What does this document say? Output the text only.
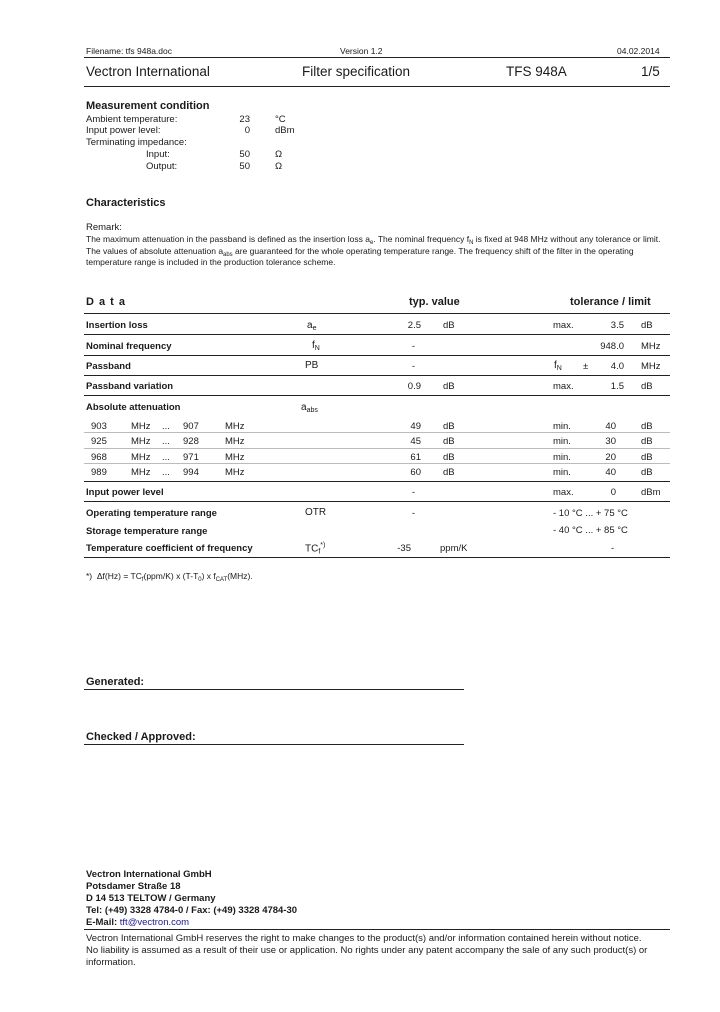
Filename: tfs 948a.doc	Version 1.2	04.02.2014
Vectron International	Filter specification	TFS 948A	1/5
Measurement condition
Ambient temperature:	23	°C
Input power level:	0	dBm
Terminating impedance:
Input:	50	Ω
Output:	50	Ω
Characteristics
Remark:
The maximum attenuation in the passband is defined as the insertion loss $a_e$. The nominal frequency $f_N$ is fixed at 948 MHz without any tolerance or limit.
The values of absolute attenuation $a_{abs}$ are guaranteed for the whole operating temperature range. The frequency shift of the filter in the operating
temperature range is included in the production tolerance scheme.
D a t a	typ. value	tolerance / limit
Insertion loss	$a_e$	2.5 dB	max.	3.5 dB
Nominal frequency	$f_N$	-	948.0 MHz
Passband	PB	-	$f_N$ ±	4.0 MHz
Passband variation	0.9 dB	max.	1.5 dB
Absolute attenuation	$a_{abs}$
903	MHz ... 907	MHz	49 dB	min.	40	dB
925	MHz ... 928	MHz	45 dB	min.	30	dB
968	MHz ... 971	MHz	61 dB	min.	20	dB
989	MHz ... 994	MHz	60 dB	min.	40	dB
Input power level	-	max.	0	dBm
Operating temperature range	OTR	-	- 10 °C ... + 75 °C
Storage temperature range	- 40 °C ... + 85 °C
Temperature coefficient of frequency	$TC_f^{*)}$	-35	ppm/K	-
*) $\Delta f(Hz) = TC_f(ppm/K)$ x $(T-T_0)$ x $f_{CAT}(MHz)$.
Generated:
Checked / Approved:
Vectron International GmbH
Potsdamer Straße 18
D 14 513 TELTOW / Germany
Tel: (+49) 3328 4784-0 / Fax: (+49) 3328 4784-30
E-Mail: tft@vectron.com
Vectron International GmbH reserves the right to make changes to the product(s) and/or information contained herein without notice.
No liability is assumed as a result of their use or application. No rights under any patent accompany the sale of any such product(s) or
information.
